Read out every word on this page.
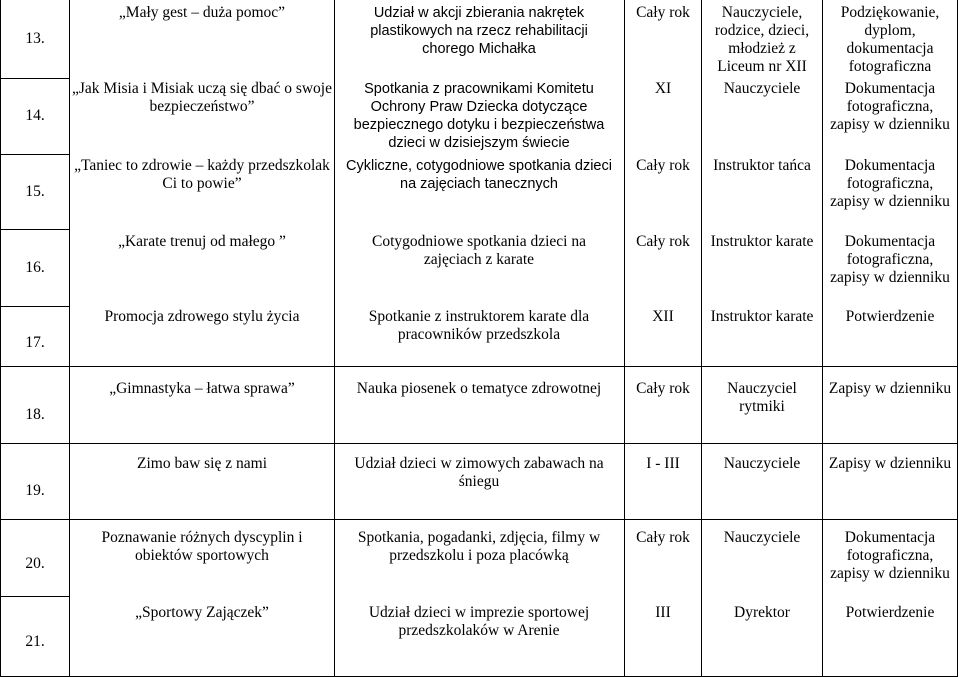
13.
14.
15.
16.
17.
18.
19.
20.
21.
„Mały gest – duża pomoc”
„Jak Misia i Misiak uczą się dbać o swoje bezpieczeństwo”
„Taniec to zdrowie – każdy przedszkolak Ci to powie”
„Karate trenuj od małego ”
Promocja zdrowego stylu życia
„Gimnastyka – łatwa sprawa”
Zimo baw się z nami
Poznawanie różnych dyscyplin i obiektów sportowych
„Sportowy Zajączek”
Udział w akcji zbierania nakrętek plastikowych na rzecz rehabilitacji chorego Michałka
Spotkania z pracownikami Komitetu Ochrony Praw Dziecka dotyczące bezpiecznego dotyku i bezpieczeństwa dzieci w dzisiejszym świecie
Cykliczne, cotygodniowe spotkania dzieci na zajęciach tanecznych
Cotygodniowe spotkania dzieci na zajęciach z karate
Spotkanie z instruktorem karate dla pracowników przedszkola
Nauka piosenek o tematyce zdrowotnej
Udział dzieci w zimowych zabawach na śniegu
Spotkania, pogadanki, zdjęcia, filmy w przedszkolu i poza placówką
Udział dzieci w imprezie sportowej przedszkolaków w Arenie
Cały rok
XI
Cały rok
Cały rok
XII
Cały rok
I - III
Cały rok
III
Nauczyciele, rodzice, dzieci, młodzież z Liceum nr XII
Nauczyciele
Instruktor tańca
Instruktor karate
Instruktor karate
Nauczyciel rytmiki
Nauczyciele
Nauczyciele
Dyrektor
Podziękowanie, dyplom, dokumentacja fotograficzna
Dokumentacja fotograficzna, zapisy w dzienniku
Dokumentacja fotograficzna, zapisy w dzienniku
Dokumentacja fotograficzna, zapisy w dzienniku
Potwierdzenie
Zapisy w dzienniku
Zapisy w dzienniku
Dokumentacja fotograficzna, zapisy w dzienniku
Potwierdzenie
